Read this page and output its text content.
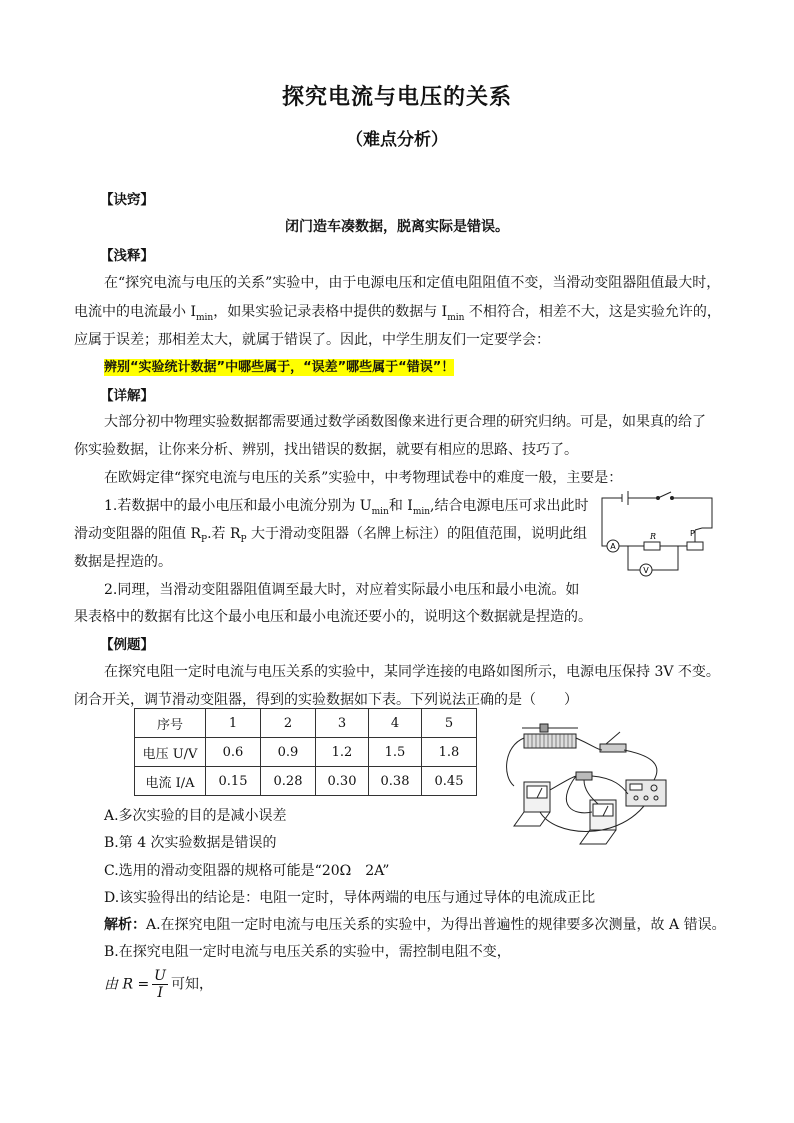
探究电流与电压的关系
（难点分析）
【诀窍】
闭门造车凑数据，脱离实际是错误。
【浅释】
在“探究电流与电压的关系”实验中，由于电源电压和定值电阻阻值不变，当滑动变阻器阻值最大时，
电流中的电流最小 $I_{min}$，如果实验记录表格中提供的数据与 $I_{min}$ 不相符合，相差不大，这是实验允许的，
应属于误差；那相差太大，就属于错误了。因此，中学生朋友们一定要学会：
辨别“实验统计数据”中哪些属于，“误差”哪些属于“错误”！
【详解】
大部分初中物理实验数据都需要通过数学函数图像来进行更合理的研究归纳。可是，如果真的给了
你实验数据，让你来分析、辨别，找出错误的数据，就要有相应的思路、技巧了。
在欧姆定律“探究电流与电压的关系”实验中，中考物理试卷中的难度一般，主要是：
1.若数据中的最小电压和最小电流分别为 $U_{min}$和 $I_{min}$,结合电源电压可求出此时
滑动变阻器的阻值 $R_P$.若 $R_P$ 大于滑动变阻器（名牌上标注）的阻值范围，说明此组
数据是捏造的。
2.同理，当滑动变阻器阻值调至最大时，对应着实际最小电压和最小电流。如
果表格中的数据有比这个最小电压和最小电流还要小的，说明这个数据就是捏造的。
A
V
R	P
【例题】
在探究电阻一定时电流与电压关系的实验中，某同学连接的电路如图所示，电源电压保持 3V 不变。
闭合开关，调节滑动变阻器，得到的实验数据如下表。下列说法正确的是（　　）
序号	1	2	3	4	5
电压 U/V	0.6	0.9	1.2	1.5	1.8
电流 I/A	0.15	0.28	0.30	0.38	0.45
A.多次实验的目的是减小误差
B.第 4 次实验数据是错误的
C.选用的滑动变阻器的规格可能是“20Ω　2A”
D.该实验得出的结论是：电阻一定时，导体两端的电压与通过导体的电流成正比
解析：A.在探究电阻一定时电流与电压关系的实验中，为得出普遍性的规律要多次测量，故 A 错误。
B.在探究电阻一定时电流与电压关系的实验中，需控制电阻不变，
由 $R = \frac{U}{I}$ 可知，
